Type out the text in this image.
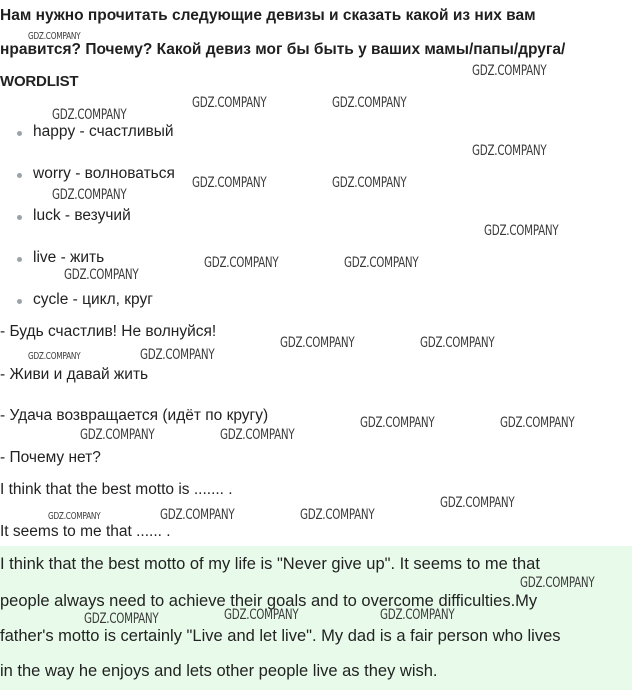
Нам нужно прочитать следующие девизы и сказать какой из них вам
нравится? Почему? Какой девиз мог бы быть у ваших мамы/папы/друга/
WORDLIST
happy - счастливый
worry - волноваться
luck - везучий
live - жить
cycle - цикл, круг
- Будь счастлив! Не волнуйся!
- Живи и давай жить
- Удача возвращается (идёт по кругу)
- Почему нет?
I think that the best motto is ....... .
It seems to me that ...... .
I think that the best motto of my life is "Never give up". It seems to me that
people always need to achieve their goals and to overcome difficulties.My
father's motto is certainly "Live and let live". My dad is a fair person who lives
in the way he enjoys and lets other people live as they wish.
GDZ.COMPANY
GDZ.COMPANY
GDZ.COMPANY
GDZ.COMPANY	GDZ.COMPANY
GDZ.COMPANY
GDZ.COMPANY	GDZ.COMPANY
GDZ.COMPANY
GDZ.COMPANY
GDZ.COMPANY	GDZ.COMPANY
GDZ.COMPANY
GDZ.COMPANY	GDZ.COMPANY
GDZ.COMPANY
GDZ.COMPANY
GDZ.COMPANY	GDZ.COMPANY
GDZ.COMPANY	GDZ.COMPANY
GDZ.COMPANY
GDZ.COMPANY	GDZ.COMPANY
GDZ.COMPANY
GDZ.COMPANY
GDZ.COMPANY	GDZ.COMPANY
GDZ.COMPANY
